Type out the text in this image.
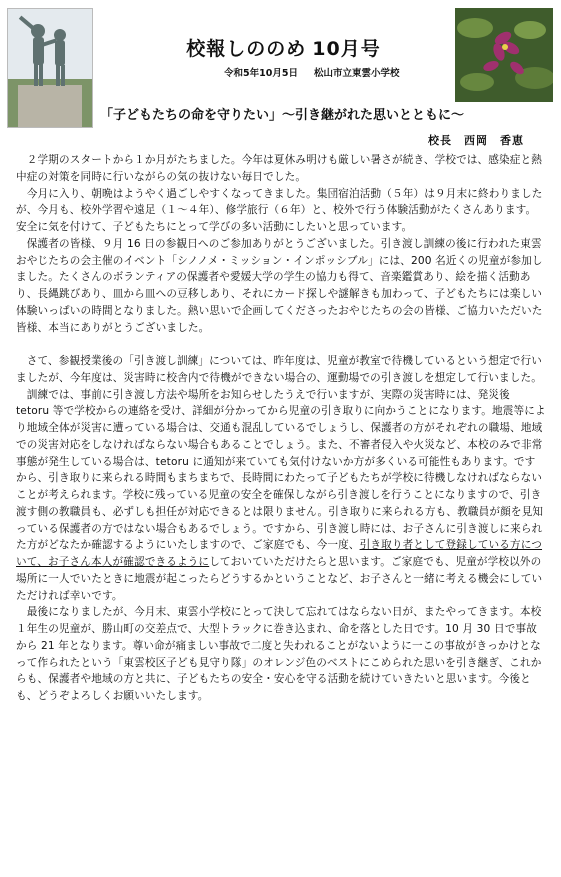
校報しののめ 10月号
令和5年10月5日 松山市立東雲小学校
「子どもたちの命を守りたい」～引き継がれた思いとともに～
校長　西岡　香恵

　２学期のスタートから１か月がたちました。今年は夏休み明けも厳しい暑さが続き、学校では、感染症と熱中症の対策を同時に行いながらの気の抜けない毎日でした。

　今月に入り、朝晩はようやく過ごしやすくなってきました。集団宿泊活動（５年）は９月末に終わりましたが、今月も、校外学習や遠足（１～４年）、修学旅行（６年）と、校外で行う体験活動がたくさんあります。安全に気を付けて、子どもたちにとって学びの多い活動にしたいと思っています。

　保護者の皆様、９月 16 日の参観日へのご参加ありがとうございました。引き渡し訓練の後に行われた東雲おやじたちの会主催のイベント「シノノメ・ミッション・インポッシブル」には、200 名近くの児童が参加しました。たくさんのボランティアの保護者や愛媛大学の学生の協力も得て、音楽鑑賞あり、絵を描く活動あり、長縄跳びあり、皿から皿への豆移しあり、それにカード探しや謎解きも加わって、子どもたちには楽しい体験いっぱいの時間となりました。熱い思いで企画してくださったおやじたちの会の皆様、ご協力いただいた皆様、本当にありがとうございました。

　さて、参観授業後の「引き渡し訓練」については、昨年度は、児童が教室で待機しているという想定で行いましたが、今年度は、災害時に校舎内で待機ができない場合の、運動場での引き渡しを想定して行いました。

　訓練では、事前に引き渡し方法や場所をお知らせしたうえで行いますが、実際の災害時には、発災後 tetoru 等で学校からの連絡を受け、詳細が分かってから児童の引き取りに向かうことになります。地震等により地域全体が災害に遭っている場合は、交通も混乱しているでしょうし、保護者の方がそれぞれの職場、地域での災害対応をしなければならない場合もあることでしょう。また、不審者侵入や火災など、本校のみで非常事態が発生している場合は、tetoru に通知が来ていても気付けないか方が多くいる可能性もあります。ですから、引き取りに来られる時間もまちまちで、長時間にわたって子どもたちが学校に待機しなければならないことが考えられます。学校に残っている児童の安全を確保しながら引き渡しを行うことになりますので、引き渡す側の教職員も、必ずしも担任が対応できるとは限りません。引き取りに来られる方も、教職員が顔を見知っている保護者の方ではない場合もあるでしょう。ですから、引き渡し時には、お子さんに引き渡しに来られた方がどなたか確認するようにいたしますので、ご家庭でも、今一度、引き取り者として登録している方について、お子さん本人が確認できるようにしておいていただけたらと思います。ご家庭でも、児童が学校以外の場所に一人でいたときに地震が起こったらどうするかということなど、お子さんと一緒に考える機会にしていただければ幸いです。

　最後になりましたが、今月末、東雲小学校にとって決して忘れてはならない日が、またやってきます。本校１年生の児童が、勝山町の交差点で、大型トラックに巻き込まれ、命を落とした日です。10 月 30 日で事故から 21 年となります。尊い命が痛ましい事故で二度と失われることがないように一この事故がきっかけとなって作られたという「東雲校区子ども見守り隊」のオレンジ色のベストにこめられた思いを引き継ぎ、これからも、保護者や地域の方と共に、子どもたちの安全・安心を守る活動を続けていきたいと思います。今後とも、どうぞよろしくお願いいたします。
